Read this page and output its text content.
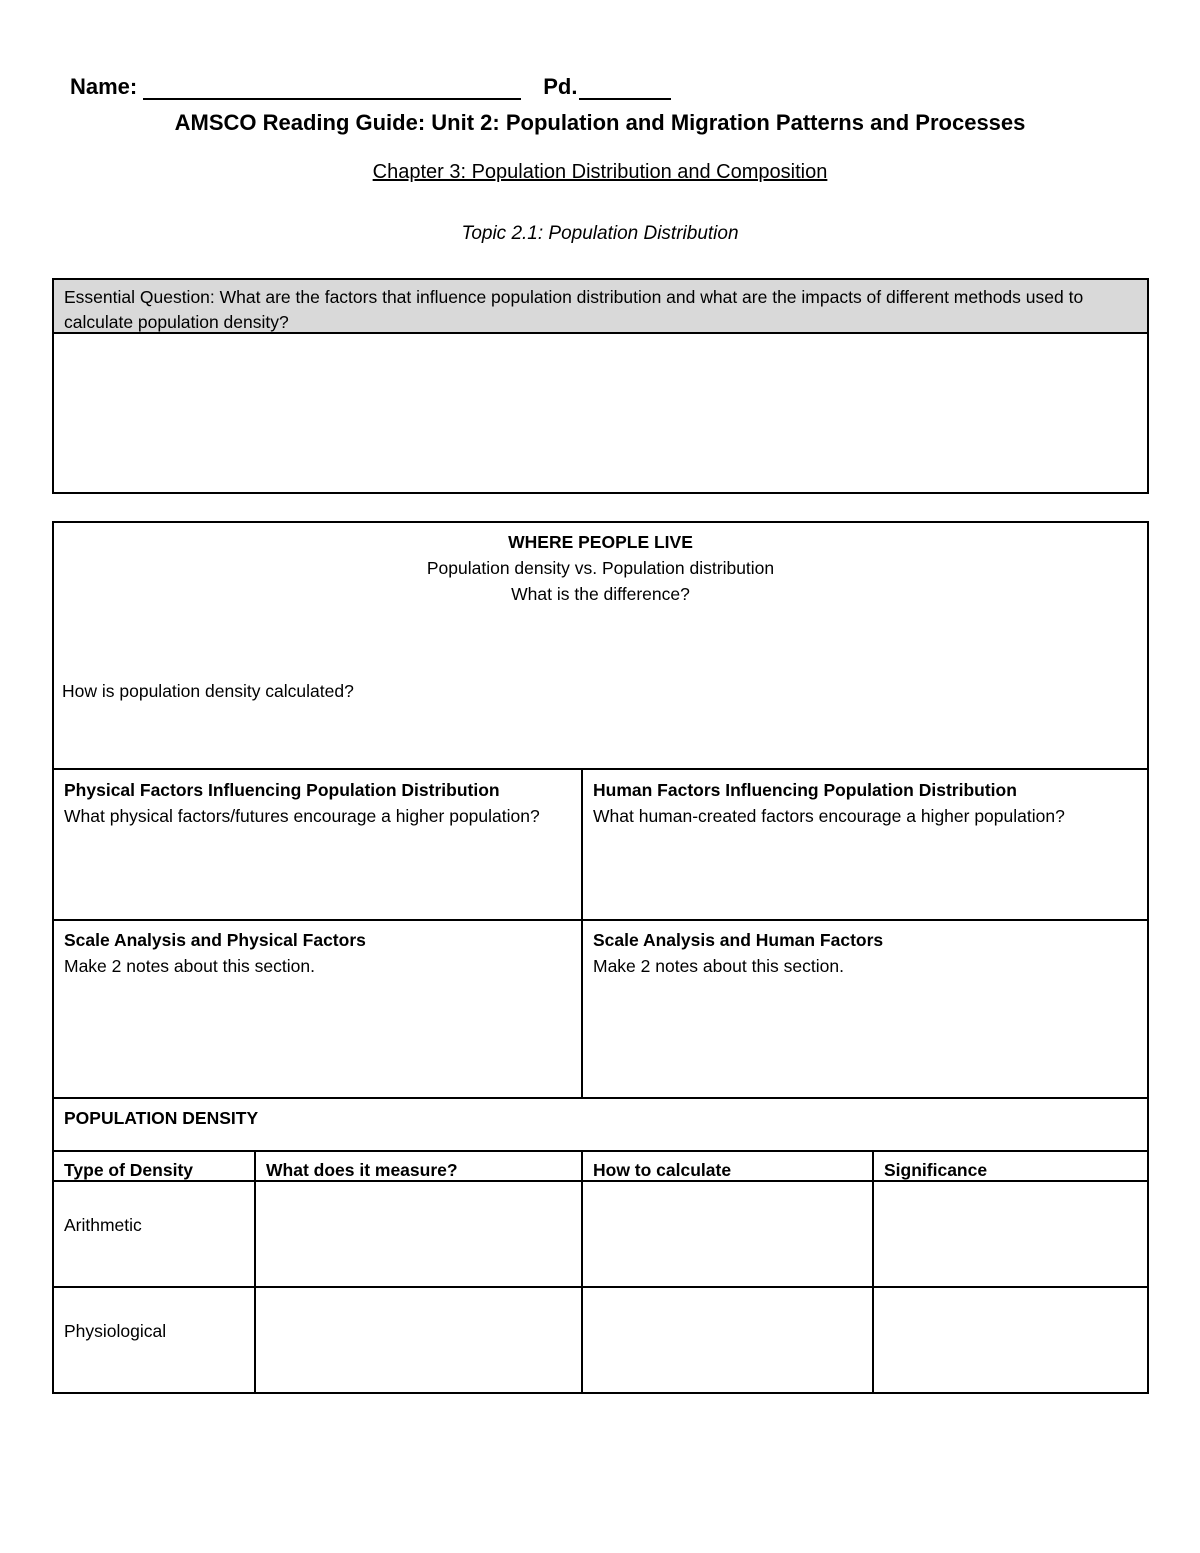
Name:	Pd.
AMSCO Reading Guide: Unit 2: Population and Migration Patterns and Processes
Chapter 3: Population Distribution and Composition
Topic 2.1: Population Distribution
Essential Question: What are the factors that influence population distribution and what are the impacts of different methods used to calculate population density?
WHERE PEOPLE LIVE
Population density vs. Population distribution
What is the difference?
How is population density calculated?
Physical Factors Influencing Population Distribution
What physical factors/futures encourage a higher population?
Human Factors Influencing Population Distribution
What human-created factors encourage a higher population?
Scale Analysis and Physical Factors
Make 2 notes about this section.
Scale Analysis and Human Factors
Make 2 notes about this section.
POPULATION DENSITY
Type of Density	What does it measure?	How to calculate	Significance
Arithmetic
Physiological
